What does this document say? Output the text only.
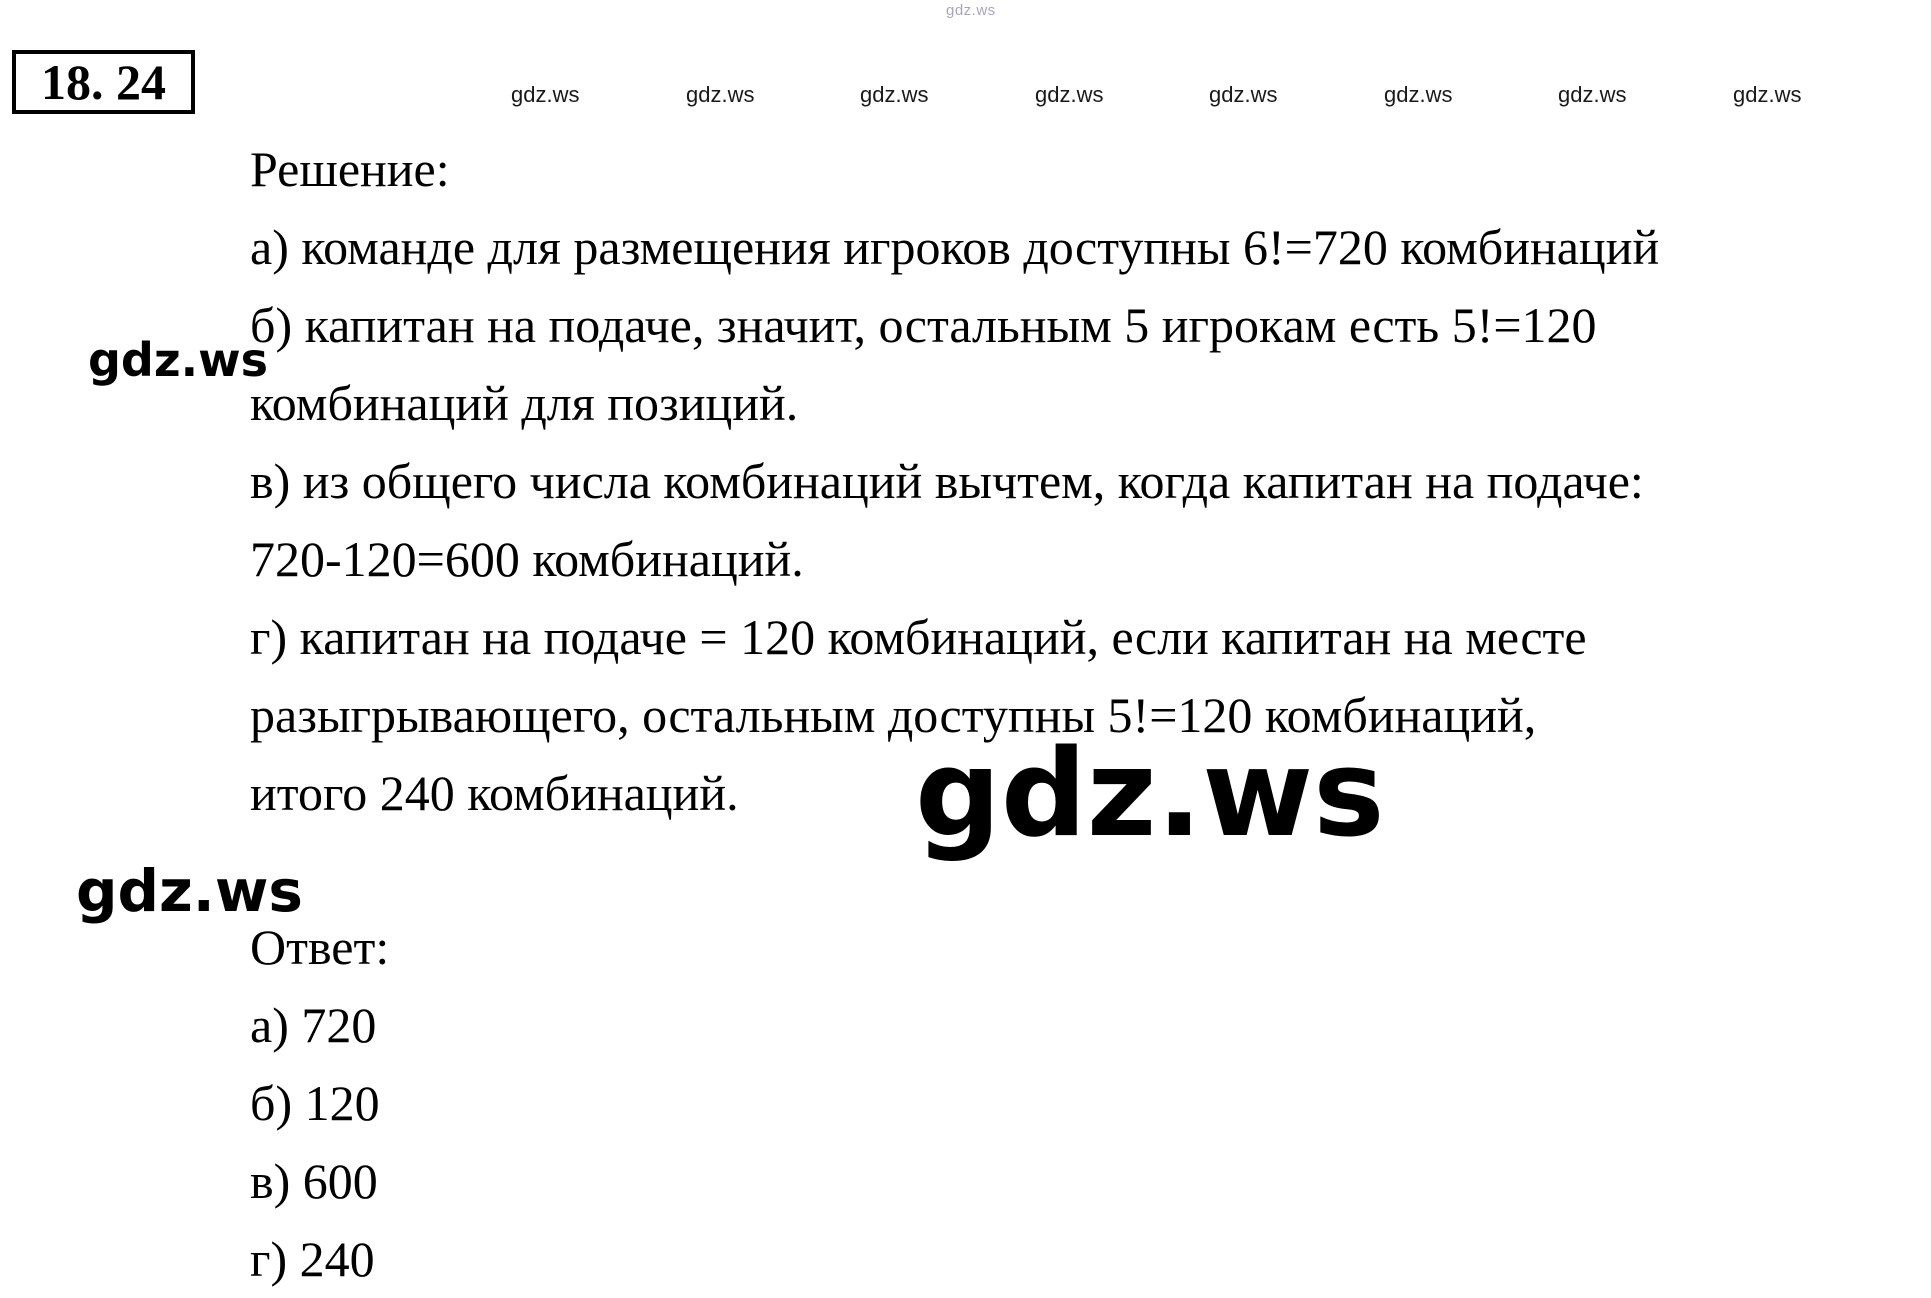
gdz.ws
18. 24	gdz.ws	gdz.ws	gdz.ws	gdz.ws	gdz.ws	gdz.ws	gdz.ws	gdz.ws
Решение:
а) команде для размещения игроков доступны 6!=720 комбинаций
б) капитан на подаче, значит, остальным 5 игрокам есть 5!=120
комбинаций для позиций.
в) из общего числа комбинаций вычтем, когда капитан на подаче:
720-120=600 комбинаций.
г) капитан на подаче = 120 комбинаций, если капитан на месте
разыгрывающего, остальным доступны 5!=120 комбинаций,
итого 240 комбинаций.
Ответ:
а) 720
б) 120
в) 600
г) 240
gdz.ws
gdz.ws
gdz.ws
